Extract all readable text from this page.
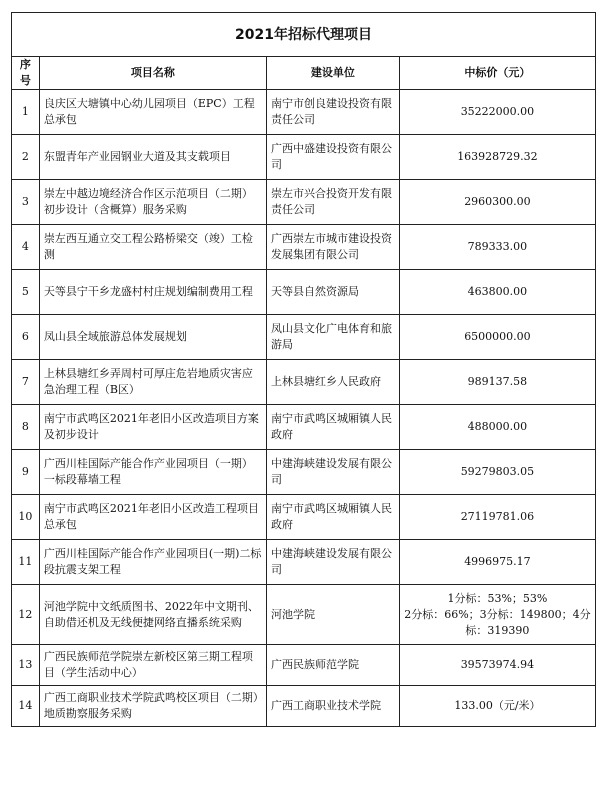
2021年招标代理项目			
序号	项目名称	建设单位	中标价（元）
1	良庆区大塘镇中心幼儿园项目（EPC）工程总承包	南宁市创良建设投资有限责任公司	35222000.00
2	东盟青年产业园钢业大道及其支载项目	广西中盛建设投资有限公司	163928729.32
3	崇左中越边境经济合作区示范项目（二期）初步设计（含概算）服务采购	崇左市兴合投资开发有限责任公司	2960300.00
4	崇左西互通立交工程公路桥梁交（竣）工检测	广西崇左市城市建设投资发展集团有限公司	789333.00
5	天等县宁干乡龙盛村村庄规划编制费用工程	天等县自然资源局	463800.00
6	凤山县全域旅游总体发展规划	凤山县文化广电体育和旅游局	6500000.00
7	上林县塘红乡弄周村可厚庄危岩地质灾害应急治理工程（B区）	上林县塘红乡人民政府	989137.58
8	南宁市武鸣区2021年老旧小区改造项目方案及初步设计	南宁市武鸣区城厢镇人民政府	488000.00
9	广西川桂国际产能合作产业园项目（一期）一标段幕墙工程	中建海峡建设发展有限公司	59279803.05
10	南宁市武鸣区2021年老旧小区改造工程项目总承包	南宁市武鸣区城厢镇人民政府	27119781.06
11	广西川桂国际产能合作产业园项目(一期)二标段抗震支架工程	中建海峡建设发展有限公司	4996975.17
12	河池学院中文纸质图书、2022年中文期刊、自助借还机及无线便捷网络直播系统采购	河池学院	1分标：53%；53%
2分标：66%；3分标：149800；4分标：319390
13	广西民族师范学院崇左新校区第三期工程项目（学生活动中心）	广西民族师范学院	39573974.94
14	广西工商职业技术学院武鸣校区项目（二期）地质勘察服务采购	广西工商职业技术学院	133.00（元/米）
